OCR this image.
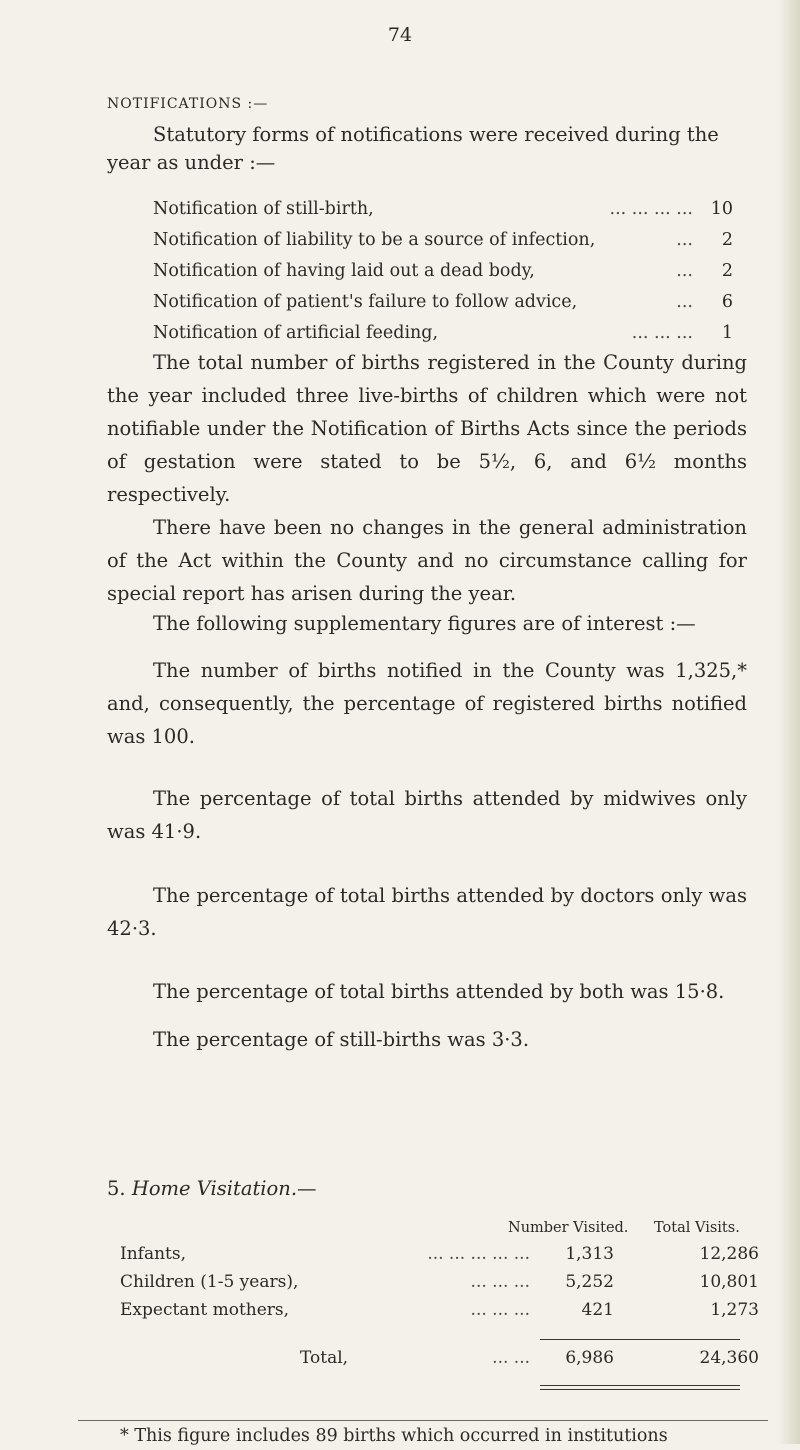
74
NOTIFICATIONS :—
Statutory forms of notifications were received during the
year as under :—
Notification of still-birth,	... ... ... ...	10
Notification of liability to be a source of infection,	...	2
Notification of having laid out a dead body,	...	2
Notification of patient's failure to follow advice,	...	6
Notification of artificial feeding,	... ... ...	1
The total number of births registered in the County during the year included three live-births of children which were not notifiable under the Notification of Births Acts since the periods of gestation were stated to be 5½, 6, and 6½ months respectively.
There have been no changes in the general administration of the Act within the County and no circumstance calling for special report has arisen during the year.
The following supplementary figures are of interest :—
The number of births notified in the County was 1,325,* and, consequently, the percentage of registered births notified was 100.
The percentage of total births attended by midwives only was 41·9.
The percentage of total births attended by doctors only was 42·3.
The percentage of total births attended by both was 15·8.
The percentage of still-births was 3·3.
5. Home Visitation.—
Number Visited. Total Visits.
Infants,	... ... ... ... ...	1,313	12,286
Children (1-5 years),	... ... ...	5,252	10,801
Expectant mothers,	... ... ...	421	1,273
Total,	... ...	6,986	24,360
* This figure includes 89 births which occurred in institutions
